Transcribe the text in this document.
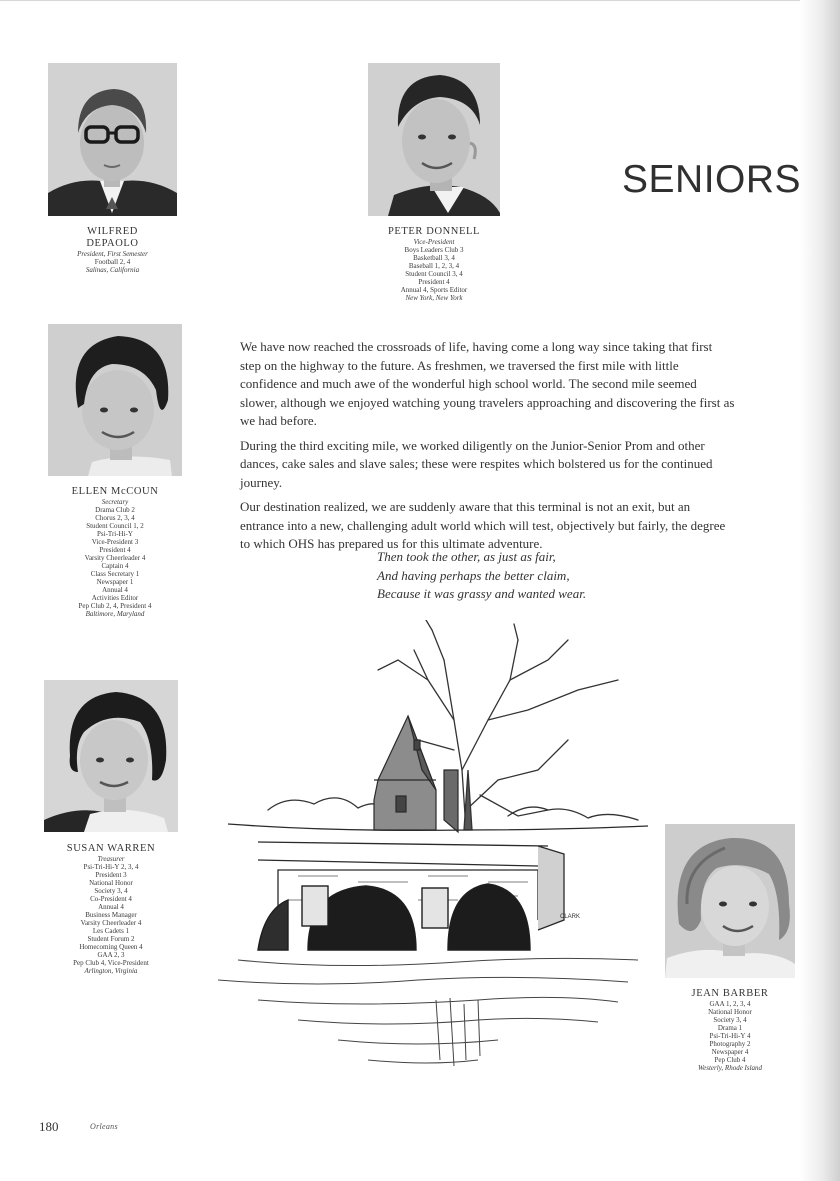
SENIORS
WILFRED
DEPAOLO
President, First Semester
Football 2, 4
Salinas, California
PETER DONNELL
Vice-President
Boys Leaders Club 3
Basketball 3, 4
Baseball 1, 2, 3, 4
Student Council 3, 4
President 4
Annual 4, Sports Editor
New York, New York
ELLEN McCOUN
Secretary
Drama Club 2
Chorus 2, 3, 4
Student Council 1, 2
Psi-Tri-Hi-Y
Vice-President 3
President 4
Varsity Cheerleader 4
Captain 4
Class Secretary 1
Newspaper 1
Annual 4
Activities Editor
Pep Club 2, 4, President 4
Baltimore, Maryland
SUSAN WARREN
Treasurer
Psi-Tri-Hi-Y 2, 3, 4
President 3
National Honor
Society 3, 4
Co-President 4
Annual 4
Business Manager
Varsity Cheerleader 4
Les Cadets 1
Student Forum 2
Homecoming Queen 4
GAA 2, 3
Pep Club 4, Vice-President
Arlington, Virginia
JEAN BARBER
GAA 1, 2, 3, 4
National Honor
Society 3, 4
Drama 1
Psi-Tri-Hi-Y 4
Photography 2
Newspaper 4
Pep Club 4
Westerly, Rhode Island

We have now reached the crossroads of life, having come a long way since taking that first step on the highway to the future. As freshmen, we traversed the first mile with little confidence and much awe of the wonderful high school world. The second mile seemed slower, although we enjoyed watching young travelers approaching and discovering the first as we had before.

During the third exciting mile, we worked diligently on the Junior-Senior Prom and other dances, cake sales and slave sales; these were respites which bolstered us for the continued journey.

Our destination realized, we are suddenly aware that this terminal is not an exit, but an entrance into a new, challenging adult world which will test, objectively but fairly, the degree to which OHS has prepared us for this ultimate adventure.

Then took the other, as just as fair,
And having perhaps the better claim,
Because it was grassy and wanted wear.
CLARK
180	Orleans
